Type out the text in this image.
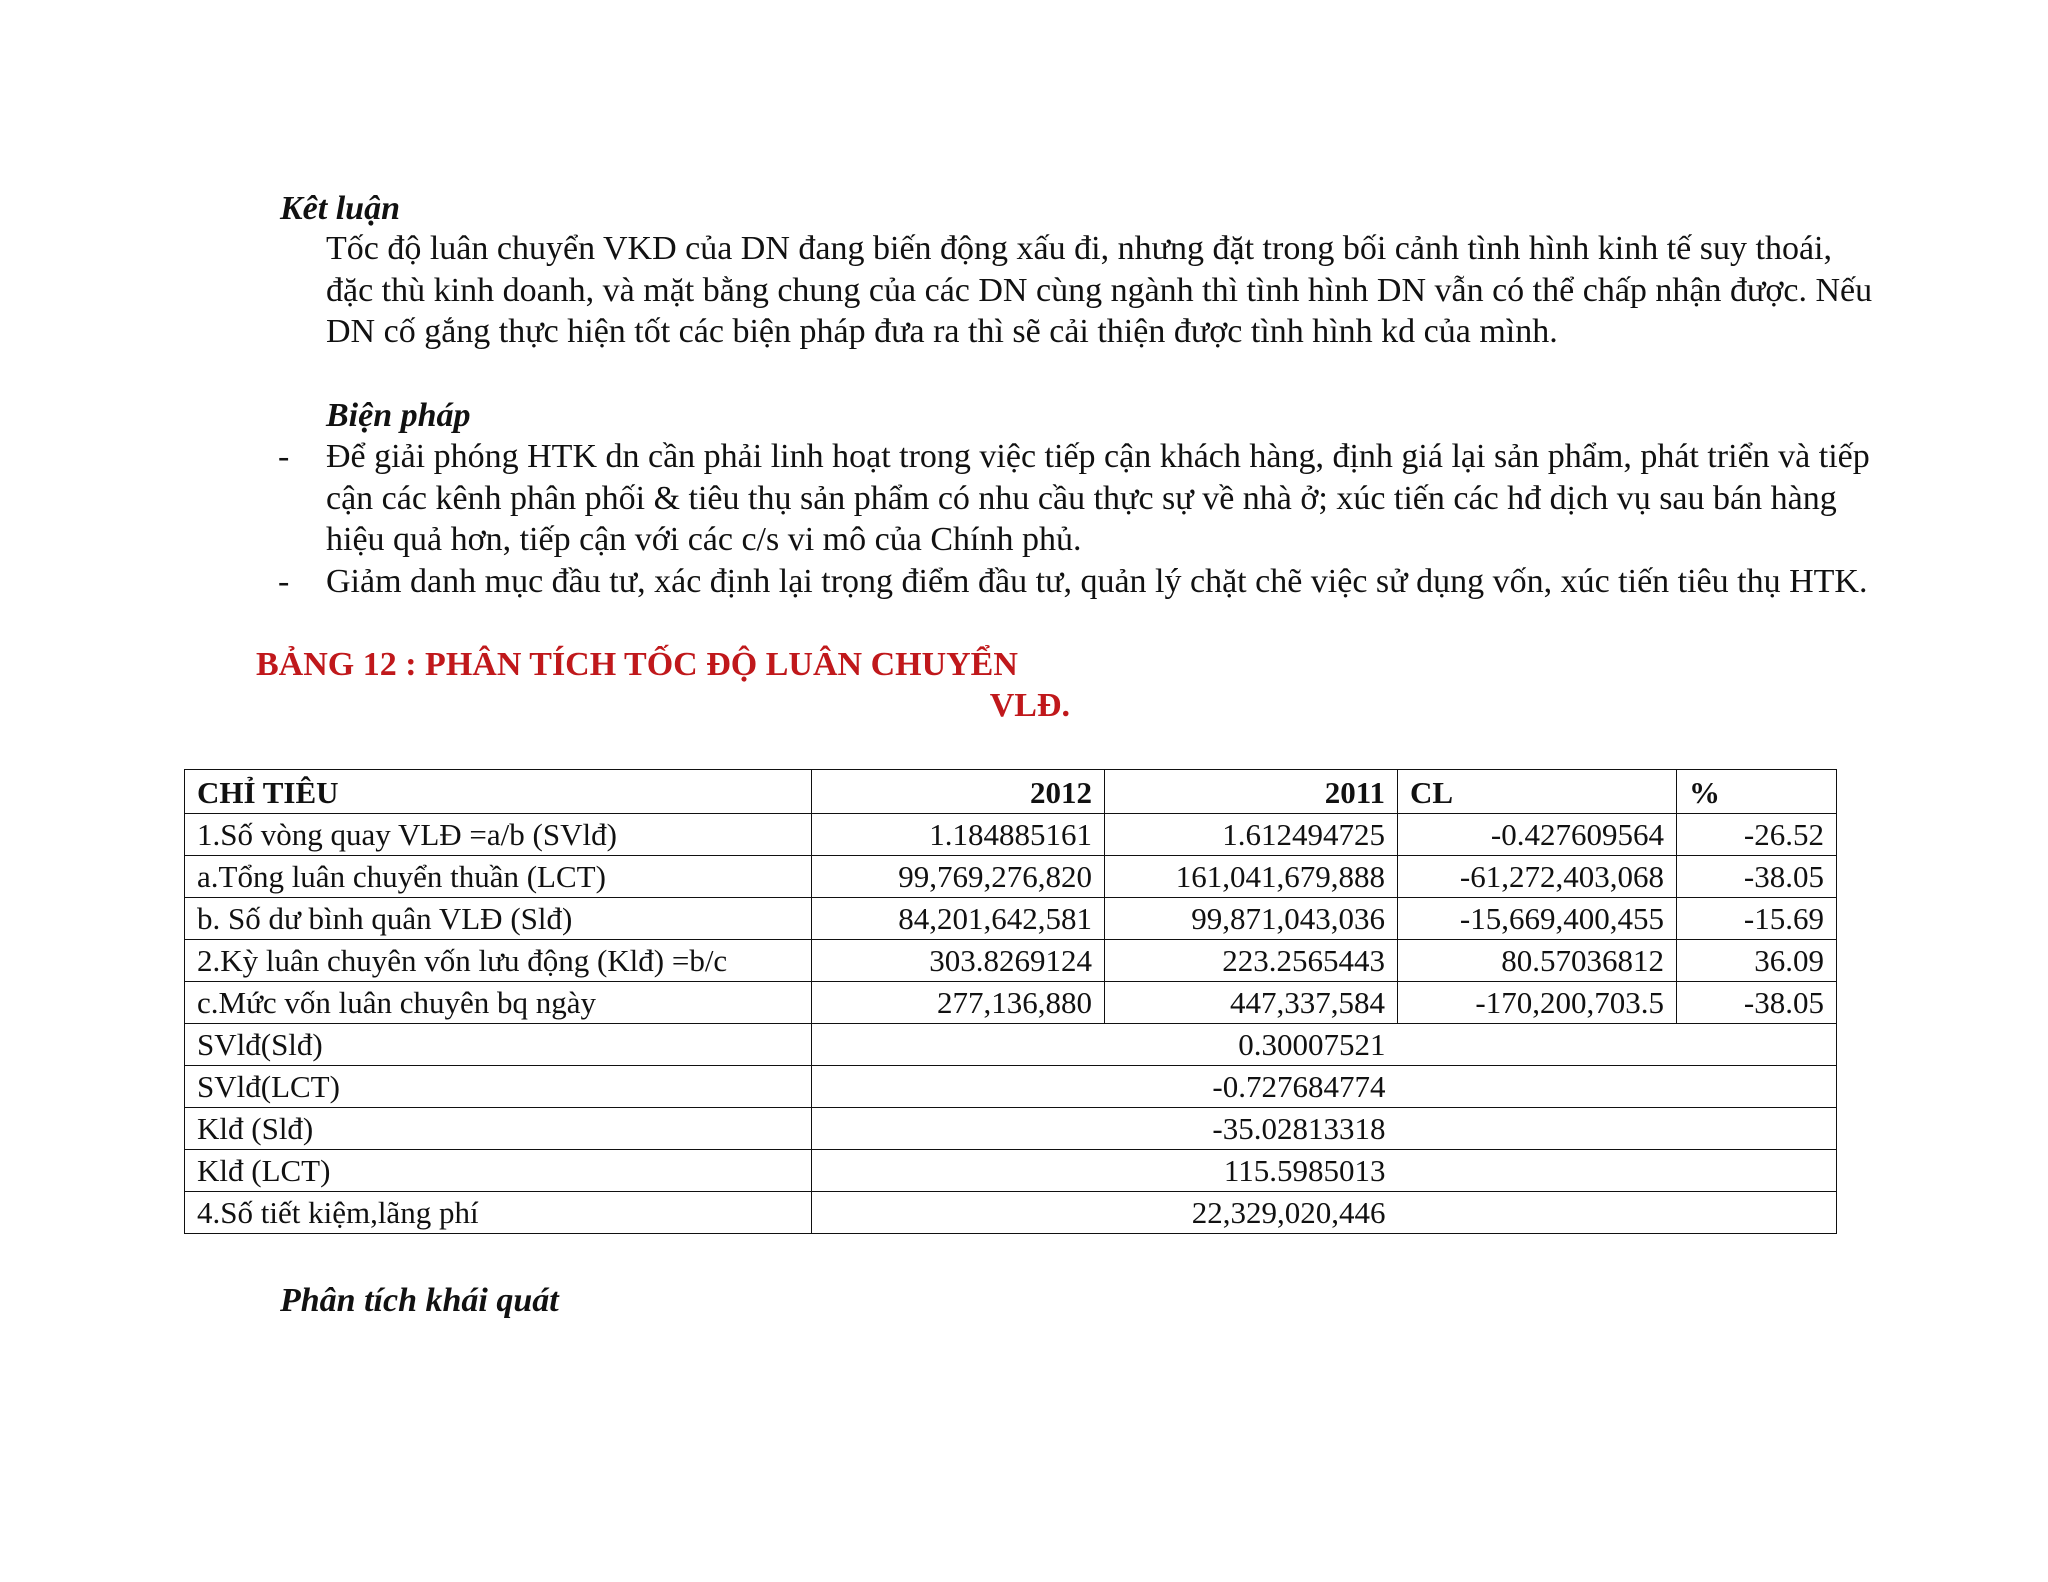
Kêt luận
Tốc độ luân chuyển VKD của DN đang biến động xấu đi, nhưng đặt trong bối cảnh tình hình kinh tế suy thoái, đặc thù kinh doanh, và mặt bằng chung của các DN cùng ngành thì tình hình DN vẫn có thể chấp nhận được. Nếu DN cố gắng thực hiện tốt các biện pháp đưa ra thì sẽ cải thiện được tình hình kd của mình.
Biện pháp
- Để giải phóng HTK dn cần phải linh hoạt trong việc tiếp cận khách hàng, định giá lại sản phẩm, phát triển và tiếp cận các kênh phân phối & tiêu thụ sản phẩm có nhu cầu thực sự về nhà ở; xúc tiến các hđ dịch vụ sau bán hàng hiệu quả hơn, tiếp cận với các c/s vi mô của Chính phủ.
- Giảm danh mục đầu tư, xác định lại trọng điểm đầu tư, quản lý chặt chẽ việc sử dụng vốn, xúc tiến tiêu thụ HTK.
BẢNG 12 : PHÂN TÍCH TỐC ĐỘ LUÂN CHUYỂN
VLĐ.
CHỈ TIÊU	2012	2011	CL	%
1.Số vòng quay VLĐ =a/b (SVlđ)	1.184885161	1.612494725	-0.427609564	-26.52
a.Tổng luân chuyển thuần (LCT)	99,769,276,820	161,041,679,888	-61,272,403,068	-38.05
b. Số dư bình quân VLĐ (Slđ)	84,201,642,581	99,871,043,036	-15,669,400,455	-15.69
2.Kỳ luân chuyên vốn lưu động (Klđ) =b/c	303.8269124	223.2565443	80.57036812	36.09
c.Mức vốn luân chuyên bq ngày	277,136,880	447,337,584	-170,200,703.5	-38.05
SVlđ(Slđ)	0.30007521			
SVlđ(LCT)	-0.727684774			
Klđ (Slđ)	-35.02813318			
Klđ (LCT)	115.5985013			
4.Số tiết kiệm,lãng phí	22,329,020,446			
Phân tích khái quát
